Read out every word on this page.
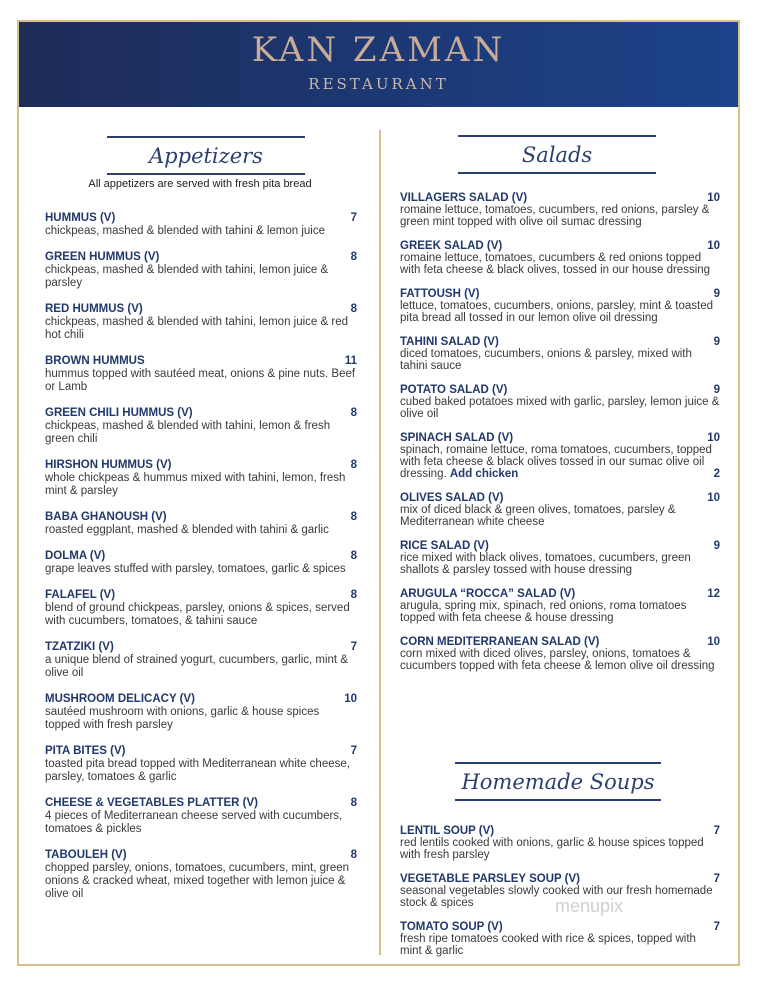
KAN ZAMAN
RESTAURANT
Appetizers
All appetizers are served with fresh pita bread
Salads
Homemade Soups
HUMMUS (V)	7
chickpeas, mashed & blended with tahini & lemon juice
GREEN HUMMUS (V)	8
chickpeas, mashed & blended with tahini, lemon juice & parsley
RED HUMMUS (V)	8
chickpeas, mashed & blended with tahini, lemon juice & red hot chili
BROWN HUMMUS	11
hummus topped with sautéed meat, onions & pine nuts. Beef or Lamb
GREEN CHILI HUMMUS (V)	8
chickpeas, mashed & blended with tahini, lemon & fresh green chili
HIRSHON HUMMUS (V)	8
whole chickpeas & hummus mixed with tahini, lemon, fresh mint & parsley
BABA GHANOUSH (V)	8
roasted eggplant, mashed & blended with tahini & garlic
DOLMA (V)	8
grape leaves stuffed with parsley, tomatoes, garlic & spices
FALAFEL (V)	8
blend of ground chickpeas, parsley, onions & spices, served with cucumbers, tomatoes, & tahini sauce
TZATZIKI (V)	7
a unique blend of strained yogurt, cucumbers, garlic, mint & olive oil
MUSHROOM DELICACY (V)	10
sautéed mushroom with onions, garlic & house spices topped with fresh parsley
PITA BITES (V)	7
toasted pita bread topped with Mediterranean white cheese, parsley, tomatoes & garlic
CHEESE & VEGETABLES PLATTER (V)	8
4 pieces of Mediterranean cheese served with cucumbers, tomatoes & pickles
TABOULEH (V)	8
chopped parsley, onions, tomatoes, cucumbers, mint, green onions & cracked wheat, mixed together with lemon juice & olive oil
VILLAGERS SALAD (V)	10
romaine lettuce, tomatoes, cucumbers, red onions, parsley & green mint topped with olive oil sumac dressing
GREEK SALAD (V)	10
romaine lettuce, tomatoes, cucumbers & red onions topped with feta cheese & black olives, tossed in our house dressing
FATTOUSH (V)	9
lettuce, tomatoes, cucumbers, onions, parsley, mint & toasted pita bread all tossed in our lemon olive oil dressing
TAHINI SALAD (V)	9
diced tomatoes, cucumbers, onions & parsley, mixed with tahini sauce
POTATO SALAD (V)	9
cubed baked potatoes mixed with garlic, parsley, lemon juice & olive oil
SPINACH SALAD (V)	10
spinach, romaine lettuce, roma tomatoes, cucumbers, topped with feta cheese & black olives tossed in our sumac olive oil dressing. Add chicken	2
OLIVES SALAD (V)	10
mix of diced black & green olives, tomatoes, parsley & Mediterranean white cheese
RICE SALAD (V)	9
rice mixed with black olives, tomatoes, cucumbers, green shallots & parsley tossed with house dressing
ARUGULA “ROCCA” SALAD (V)	12
arugula, spring mix, spinach, red onions, roma tomatoes topped with feta cheese & house dressing
CORN MEDITERRANEAN SALAD (V)	10
corn mixed with diced olives, parsley, onions, tomatoes & cucumbers topped with feta cheese & lemon olive oil dressing
LENTIL SOUP (V)	7
red lentils cooked with onions, garlic & house spices topped with fresh parsley
VEGETABLE PARSLEY SOUP (V)	7
seasonal vegetables slowly cooked with our fresh homemade stock & spices
TOMATO SOUP (V)	7
fresh ripe tomatoes cooked with rice & spices, topped with mint & garlic
menupix
